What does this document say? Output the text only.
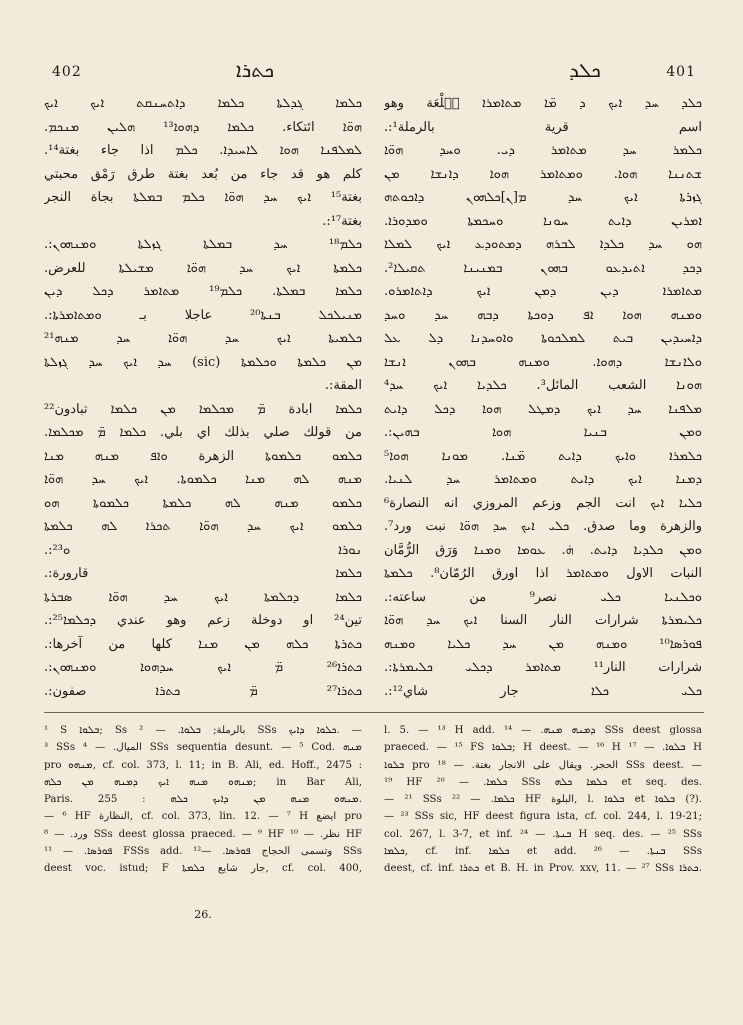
402	ܟܬܪܐ	ܟܠܕ	401
ܟܠܡܐ ܓܕܠܬܐ ܟܠܡܐ ܕܐܬܚܢܩܬ ܐܝܟ ܐܝܟ
ܗܘ̈ܐ ائتكاء. ܟܠܡܐ ܕܗܘܐ¹³ ܗܠܝܢ ܡܢܟܡ.
ܠܡܠܦܢܐ ܗܘܐ ܠܐܚܝܕܐ. ܟܠܡ اذا جاء بغتة¹⁴.
كلم هو قد جاء من بُعد بغتة طرق رَمْق محبتي
بغتة¹⁵ ܐܝܟ ܚܕ ܗܘ̈ܐ ܟܠܡ ܒܡܠܬܐ بجاة النجر
بغتة¹⁷:.
ܟܠܡ¹⁸ ܚܕ ܒܡܠܬܐ ܓܙܠܬܐ ܘܡܢܗܘܢ:.
ܟܠܡܬܐ ܐܝܟ ܚܕ ܗܘ̈ܐ ܡܫܝܠܬܐ للعرض.
ܟܠܡܐ ܒܡܠܬܐ. ܟܠܡ¹⁹ ܡܬܐܡܪ ܕܟܠ ܕܝܢ
ܡܢܝܠܟܠ ܒܢܬܐ²⁰ عاجلا بـ ܘܡܬܐܡܪܬܐ:.
ܟܠܡܝܬܐ ܐܝܟ ܚܕ ܗܘ̈ܐ ܚܕ ܡܢܗ²¹
ܡܢ ܟܠܡܬܐ ܘܟܠܡܬܐ (sic) ܚܕ ܐܝܟ ܚܕ ܓܙܠܬܐ
المقة:.
ܟܠܡܐ ابادة ܡ̈ ܡܟܠܡܐ ܡܢ ܟܠܡܐ تبادون²²
من قولك صلي بذلك اي بلي. ܟܠܡܐ ܡ̈ ܡܟܠܡܐ.
ܟܠܡܘ ܟܠܡܘܬܐ الزهرة ܘܐܦ ܡܢܗ ܡܢܐ
ܡܢܗ ܠܗ ܡܢܐ ܟܠܡܘܬܐ. ܐܝܟ ܚܕ ܗܘ̈ܐ
ܟܠܡܘ ܡܢܗ ܠܗ ܟܠܡܬܐ ܟܠܡܘܬܐ ܗܘ
ܟܠܡܘ ܐܝܟ ܚܕ ܗܘ̈ܐ ܬܟܪܐ ܠܗ ܟܠܡܬܐ
ܢܘܪܐ ܘ²³:.
ܟܠܡܐ قارورة:.
ܟܠܡܐ ܕܟܠܡܬܐ ܐܝܟ ܚܕ ܗܘ̈ܐ ܣܒܪܬܐ
تين²⁴ او دوخلة زعم وهو عندي ܕܟܠܡܐ²⁵:.
ܟܬܪܬܐ ܟܠܗ ܡܢ ܡܢܐ كلها من آخرها:.
ܟܬܪܐ²⁶ ܡ̈ ܐܝܟ ܚܕܗܘܐ ܘܡܢܗܘܢ:.
ܟܬܪܐ²⁷ ܡ̈ ܟܬܪܐ صفون:.
ܟܠܕ ܚܕ ܐܝܟ ܕ ܡ̈ܐ ܡܬܐܡܪܐ ܒَلْعَة وهو
اسم قرية بالرملة¹:.
ܟܠܡܪ ܚܕ ܡܬܐܡܪ ܕܝ. ܘܚܕ ܗܘ̈ܐ
ܫܬܢܢܐ ܗܘܐ. ܘܡܬܐܡܪ ܗܘܐ ܕܐܢܫܐ ܡܢ
ܓܙܪܬܐ ܐܝܟ ܚܕ ܡ[ܢ]ܟܠܗܘܢ ܕܐܟܘܬܗ
ܐܡܪܝܢ ܕܐܝܬ ܚܘܢܐ ܘܚܟܡܬܐ ܘܡܕܘܪܐ.
ܗܘ ܚܕ ܟܠܕܐ ܠܒܪܗ ܕܡܬܘܕܥ ܐܝܟ ܠܡܠܐ
ܕܟܕ ܐܬܝܕܥܘ ܒܗܘܢ ܒܡܢܝܢܐ ܬܩܝܠܐ².
ܡܬܐܡܪܐ ܕܝܢ ܕܡܢ ܐܝܟ ܕܐܬܐܡܪܘ.
ܘܡܢܗ ܗܘܐ ܐܦ ܕܘܟܬܐ ܕܒܗ ܚܕ ܘܚܕ
ܕܐܚܝܕܝܢ ܒܝܬ ܠܡܠܟܘܬܐ ܘܐܘܚܕܢܐ ܕܠ ܥܠ
ܘܠܐܢܫܐ ܕܗܘܐ. ܘܡܢܗ ܒܗܘܢ ܐܢܫܐ
ܗܘܢܐ الشعب المائل³. ܟܠܕܝܐ ܐܝܟ ܚܕ⁴
ܡܠܦܢܐ ܚܕ ܐܝܟ ܕܡܛܠ ܗܘܐ ܕܟܠ ܕܐܝܬ
ܘܡܢ ܒܢܝܐ ܗܘܐ ܒܗܝܢ:.
ܟܠܡܪܐ ܘܐܝܟ ܕܐܝܬ ܡ̈ܢܐ. ܡܘܢܐ ܗܘܐ⁵
ܕܡܢܐ ܐܝܟ ܕܐܝܬ ܘܡܬܐܡܪ ܚܕ ܠܢܝܐ.
ܟܠܝܐ ܐܝܟ انت الجم وزعم المروزي انه النصارة⁶
والزهرة وما صدق. ܟܠܝ ܐܝܟ ܚܕ ܗܘ̈ܐ نبت ورد⁷.
ܘܡܢ ܟܠܕܝܐ ܕܐܝܬ. ܗ̇. ܥܘܡܐ ܘܡܢܐ وَرَق الرُّمَّان
النبات الاول ܘܡܬܐܡܪ اذا اورق الرُمّان⁸. ܟܠܡܬܐ
ܘܟܠܢܝܐ ܟܠܝ نصر⁹ من ساعته:.
ܟܠܝܡܪܬܐ شرارات النار السنا ܐܝܟ ܚܕ ܗܘ̈ܐ
ܦܘܪܣܐ¹⁰ ܘܡܢܗ ܡܢ ܚܕ ܟܠܝܐ ܘܡܢܗ
شرارات النار¹¹ ܡܬܐܡܪ ܕܟܠܝ ܟܠܝܡܪܬܐ:.
ܟܠܝ ܟܠܐ جار شاي¹²:.
¹ S ܒܠܘܐ; Ss بالرملة; ܒܠܘܐ. — ² SSs ܟܠܘܐ ܕܐܝܟ. —
³ SSs الميال. — ⁴ SSs sequentia desunt. — ⁵ Cod. ܡܢܗ
pro ܡܢܗܘ, cf. col. 373, l. 11; in B. Ali, ed. Hoff., 2475 :
ܡܢܗܘ ܡܢܗ ܐܝܟ ܕܡܢܗ ܡܢ ܟܠܗ; in Bar Ali,
Paris. 255 : ܡܢܗܘ ܡܢܗ ܡܢ ܕܐܝܟ ܟܠܗ.
— ⁶ HF النظارة, cf. col. 373, lin. 12. — ⁷ H ايضع pro
ورد. — ⁸ SSs deest glossa praeced. — ⁹ HF نظر. — ¹⁰ HF
ܦܘܪܣܐ. — ¹¹ FSSs add. وتسمى الحجاج ܦܘܪܣܐ. —¹² SSs
deest voc. istud; F جار شايع ܟܠܡܬܐ, cf. col. 400,
l. 5. — ¹³ H add. ܕܡܢܗ ܡܢܗ. — ¹⁴ SSs deest glossa
praeced. — ¹⁵ FS ܒܠܘܐ; H deest. — ¹⁶ H ܒܠܘܐ. — ¹⁷ H
ܒܠܘܐ pro الحجر. ويقال على الانجار بغتة. — ¹⁸ SSs deest. —
¹⁹ HF ܟܠܡܐ. — ²⁰ SSs ܟܠܡܐ ܟܠܗ et seq. des.
— ²¹ SSs ܟܠܡܐ. — ²² HF البلوة, l. ܒܠܘܐ et ܒܠܘܐ (?).
— ²³ SSs sic, HF deest figura ista, cf. col. 244, l. 19-21;
col. 267, l. 3-7, et inf. ܒܢܬܐ. — ²⁴ H seq. des. — ²⁵ SSs
ܟܠܡܐ, cf. inf. ܟܠܡܐ et add. ܒܢܬܐ. — ²⁶ SSs
deest, cf. inf. ܟܬܪܐ et B. H. in Prov. xxv, 11. — ²⁷ SSs ܟܬܪܐ.
26.
